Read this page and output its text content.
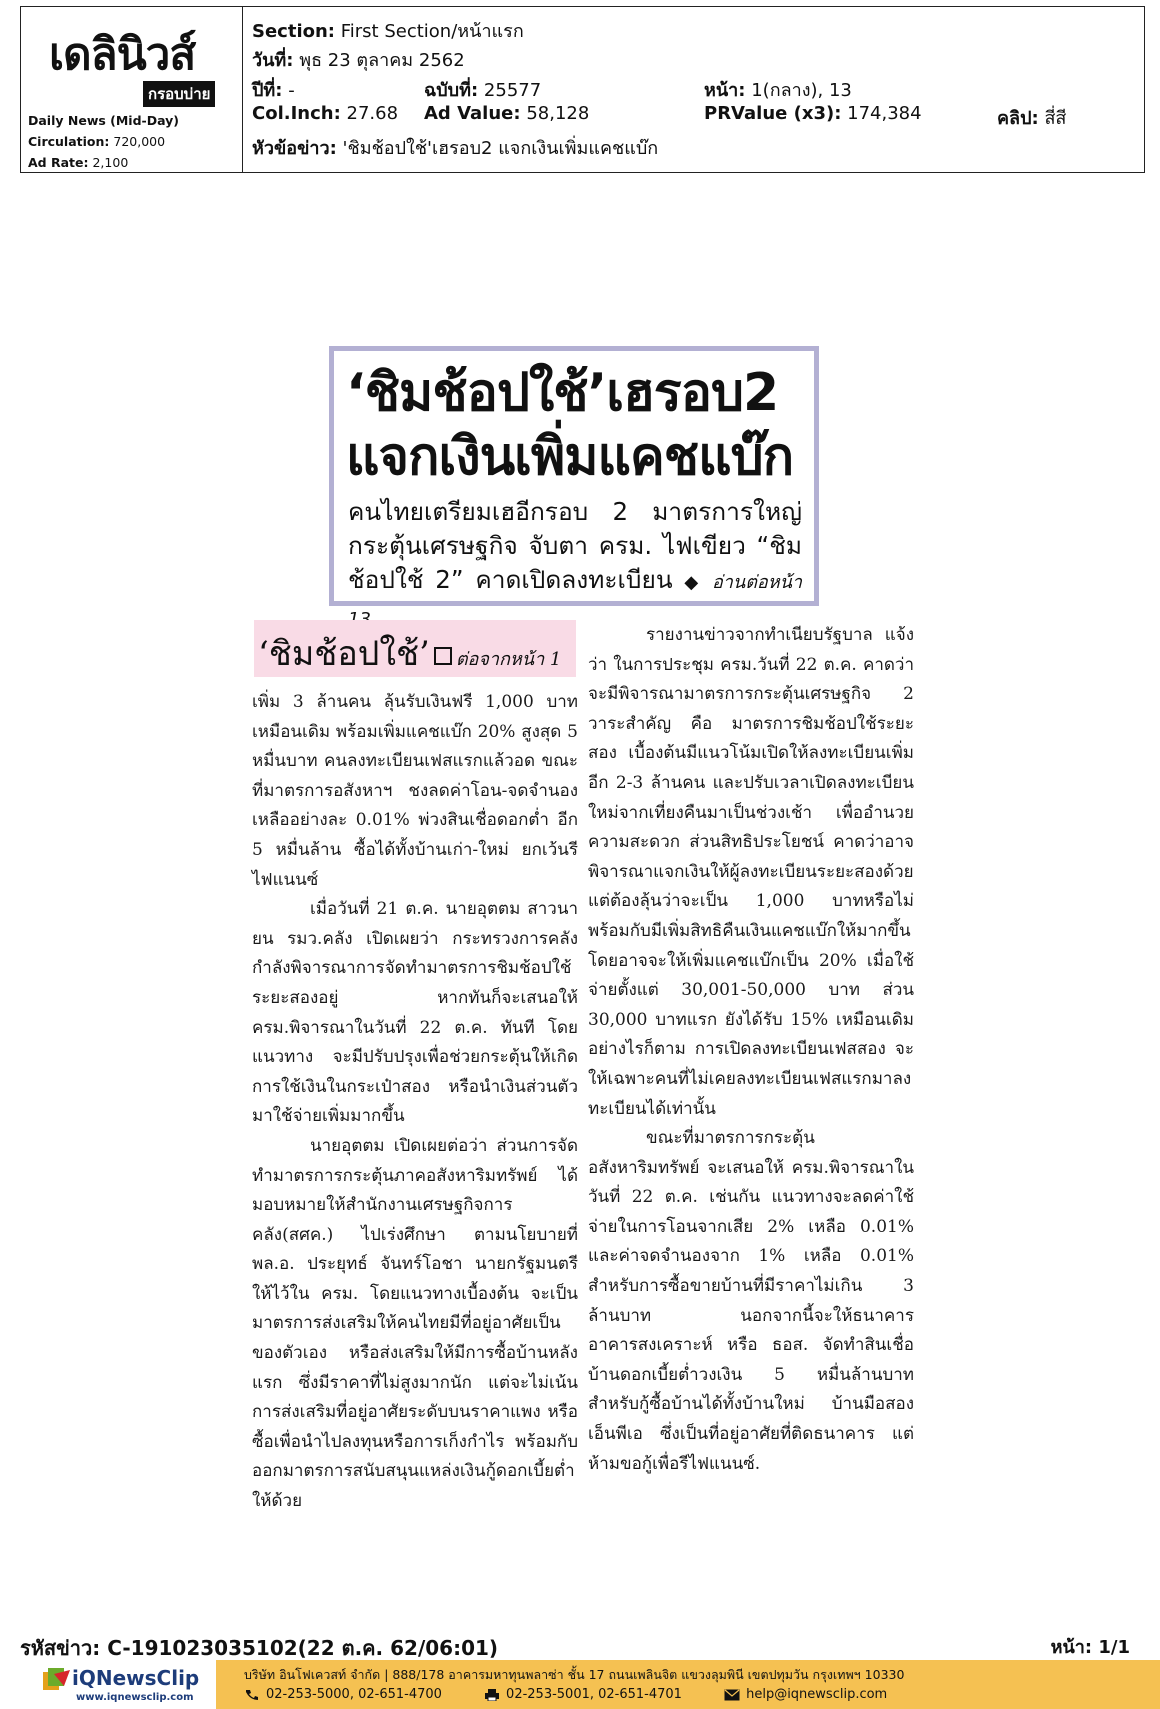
เดลินิวส์
กรอบบ่าย
Daily News (Mid-Day)
Circulation: 720,000
Ad Rate: 2,100
Section: First Section/หน้าแรก
วันที่: พุธ 23 ตุลาคม 2562
ปีที่: -	ฉบับที่: 25577	หน้า: 1(กลาง), 13
Col.Inch: 27.68 Ad Value: 58,128	PRValue (x3): 174,384	คลิป: สี่สี
หัวข้อข่าว: 'ชิมช้อปใช้'เฮรอบ2 แจกเงินเพิ่มแคชแบ๊ก
‘ชิมช้อปใช้’เฮรอบ2
แจกเงินเพิ่มแคชแบ๊ก
คนไทยเตรียมเฮอีกรอบ 2 มาตรการใหญ่ กระตุ้นเศรษฐกิจ จับตา ครม. ไฟเขียว “ชิมช้อปใช้ 2” คาดเปิดลงทะเบียน ◆ อ่านต่อหน้า
‘ชิมช้อปใช้’ ต่อจากหน้า 1

เพิ่ม 3 ล้านคน ลุ้นรับเงินฟรี 1,000 บาทเหมือนเดิม พร้อมเพิ่มแคชแบ๊ก 20% สูงสุด 5 หมื่นบาท คนลงทะเบียนเฟสแรกแล้วอด ขณะที่มาตรการอสังหาฯ ชงลดค่าโอน-จดจำนองเหลืออย่างละ 0.01% พ่วงสินเชื่อดอกต่ำ อีก 5 หมื่นล้าน ซื้อได้ทั้งบ้านเก่า-ใหม่ ยกเว้นรีไฟแนนซ์

เมื่อวันที่ 21 ต.ค. นายอุตตม สาวนายน รมว.คลัง เปิดเผยว่า กระทรวงการคลัง กำลังพิจารณาการจัดทำมาตรการชิมช้อปใช้ระยะสองอยู่ หากทันก็จะเสนอให้ ครม.พิจารณาในวันที่ 22 ต.ค. ทันที โดยแนวทาง จะมีปรับปรุงเพื่อช่วยกระตุ้นให้เกิดการใช้เงินในกระเป๋าสอง หรือนำเงินส่วนตัวมาใช้จ่ายเพิ่มมากขึ้น

นายอุตตม เปิดเผยต่อว่า ส่วนการจัดทำมาตรการกระตุ้นภาคอสังหาริมทรัพย์ ได้มอบหมายให้สำนักงานเศรษฐกิจการคลัง(สศค.) ไปเร่งศึกษา ตามนโยบายที่ พล.อ. ประยุทธ์ จันทร์โอชา นายกรัฐมนตรี ให้ไว้ใน ครม. โดยแนวทางเบื้องต้น จะเป็นมาตรการส่งเสริมให้คนไทยมีที่อยู่อาศัยเป็นของตัวเอง หรือส่งเสริมให้มีการซื้อบ้านหลังแรก ซึ่งมีราคาที่ไม่สูงมากนัก แต่จะไม่เน้นการส่งเสริมที่อยู่อาศัยระดับบนราคาแพง หรือซื้อเพื่อนำไปลงทุนหรือการเก็งกำไร พร้อมกับออกมาตรการสนับสนุนแหล่งเงินกู้ดอกเบี้ยต่ำให้ด้วย

รายงานข่าวจากทำเนียบรัฐบาล แจ้งว่า ในการประชุม ครม.วันที่ 22 ต.ค. คาดว่า จะมีพิจารณามาตรการกระตุ้นเศรษฐกิจ 2 วาระสำคัญ คือ มาตรการชิมช้อปใช้ระยะสอง เบื้องต้นมีแนวโน้มเปิดให้ลงทะเบียนเพิ่มอีก 2-3 ล้านคน และปรับเวลาเปิดลงทะเบียนใหม่จากเที่ยงคืนมาเป็นช่วงเช้า เพื่ออำนวยความสะดวก ส่วนสิทธิประโยชน์ คาดว่าอาจพิจารณาแจกเงินให้ผู้ลงทะเบียนระยะสองด้วย แต่ต้องลุ้นว่าจะเป็น 1,000 บาทหรือไม่ พร้อมกับมีเพิ่มสิทธิคืนเงินแคชแบ๊กให้มากขึ้น โดยอาจจะให้เพิ่มแคชแบ๊กเป็น 20% เมื่อใช้จ่ายตั้งแต่ 30,001-50,000 บาท ส่วน 30,000 บาทแรก ยังได้รับ 15% เหมือนเดิม อย่างไรก็ตาม การเปิดลงทะเบียนเฟสสอง จะให้เฉพาะคนที่ไม่เคยลงทะเบียนเฟสแรกมาลงทะเบียนได้เท่านั้น

ขณะที่มาตรการกระตุ้นอสังหาริมทรัพย์ จะเสนอให้ ครม.พิจารณาในวันที่ 22 ต.ค. เช่นกัน แนวทางจะลดค่าใช้จ่ายในการโอนจากเสีย 2% เหลือ 0.01% และค่าจดจำนองจาก 1% เหลือ 0.01% สำหรับการซื้อขายบ้านที่มีราคาไม่เกิน 3 ล้านบาท นอกจากนี้จะให้ธนาคารอาคารสงเคราะห์ หรือ ธอส. จัดทำสินเชื่อบ้านดอกเบี้ยต่ำวงเงิน 5 หมื่นล้านบาท สำหรับกู้ซื้อบ้านได้ทั้งบ้านใหม่ บ้านมือสอง เอ็นพีเอ ซึ่งเป็นที่อยู่อาศัยที่ติดธนาคาร แต่ห้ามขอกู้เพื่อรีไฟแนนซ์.

รหัสข่าว: C-191023035102(22 ต.ค. 62/06:01)	หน้า: 1/1
iQNewsClip
www.iqnewsclip.com
บริษัท อินโฟเควสท์ จำกัด | 888/178 อาคารมหาทุนพลาซ่า ชั้น 17 ถนนเพลินจิต แขวงลุมพินี เขตปทุมวัน กรุงเทพฯ 10330
02-253-5000, 02-651-4700	02-253-5001, 02-651-4701	help@iqnewsclip.com
